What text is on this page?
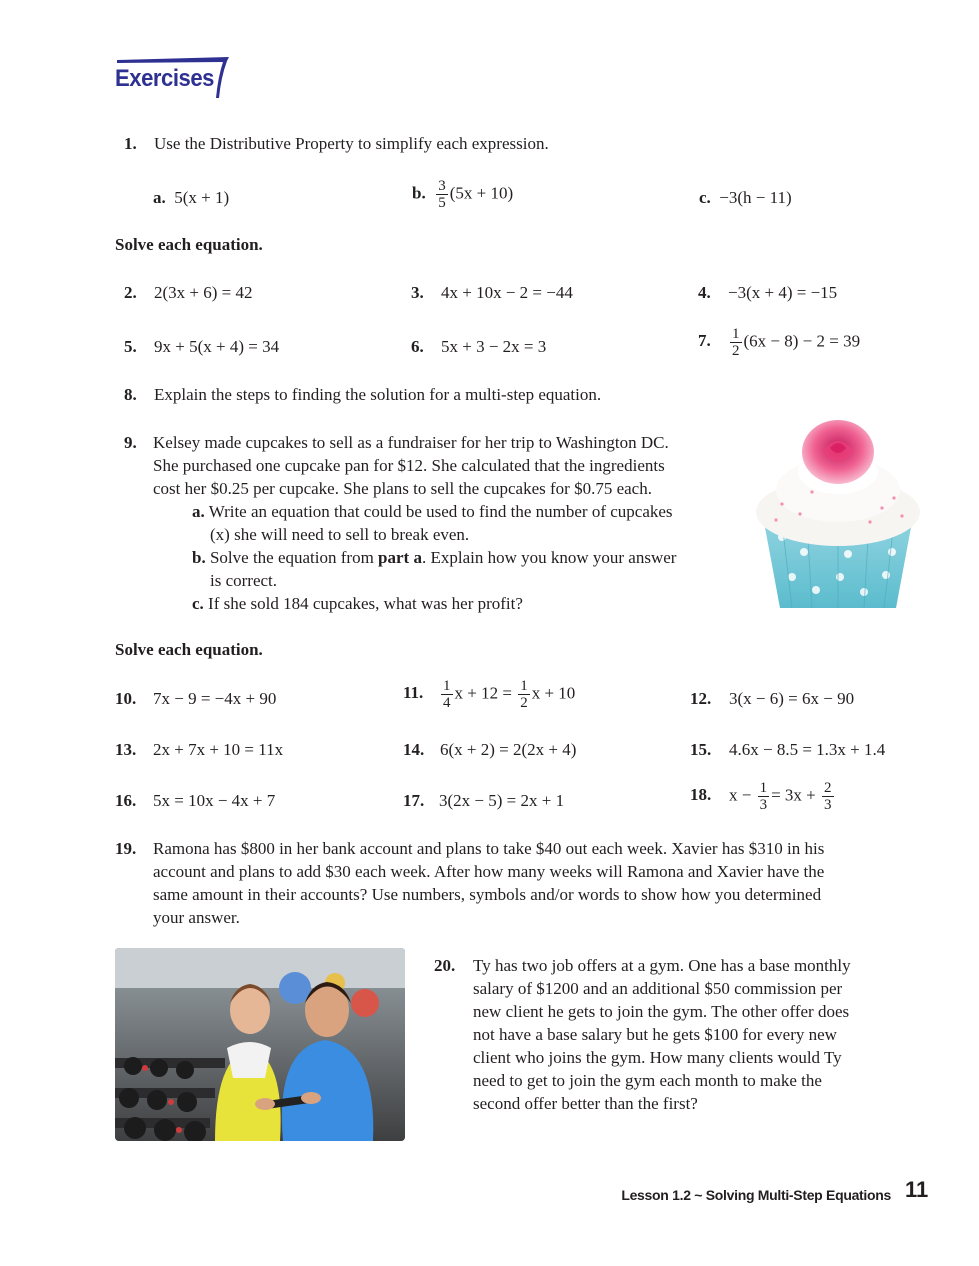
Exercises
1. Use the Distributive Property to simplify each expression.
a. 5(x + 1)	b. $\frac{3}{5} (5x + 10)$	c. −3(h − 11)
Solve each equation.
2. 2(3x + 6) = 42	3. 4x + 10x − 2 = −44	4. −3(x + 4) = −15
5. 9x + 5(x + 4) = 34	6. 5x + 3 − 2x = 3	7. $\frac{1}{2} (6x - 8) - 2 = 39$
8. Explain the steps to finding the solution for a multi-step equation.
9. Kelsey made cupcakes to sell as a fundraiser for her trip to Washington DC.
She purchased one cupcake pan for $12. She calculated that the ingredients
cost her $0.25 per cupcake. She plans to sell the cupcakes for $0.75 each.
a. Write an equation that could be used to find the number of cupcakes
(x) she will need to sell to break even.
b. Solve the equation from part a. Explain how you know your answer
is correct.
c. If she sold 184 cupcakes, what was her profit?
Solve each equation.
10. 7x − 9 = −4x + 90	11. $\frac{1}{4}$ $x + 12 = \frac{1}{2}$ x + 10	12. 3(x − 6) = 6x − 90
13. 2x + 7x + 10 = 11x	14. 6(x + 2) = 2(2x + 4)	15. 4.6x − 8.5 = 1.3x + 1.4
16. 5x = 10x − 4x + 7	17. 3(2x − 5) = 2x + 1	18. $x - \frac{1}{3} = 3x + \frac{2}{3}$
19. Ramona has $800 in her bank account and plans to take $40 out each week. Xavier has $310 in his
account and plans to add $30 each week. After how many weeks will Ramona and Xavier have the
same amount in their accounts? Use numbers, symbols and/or words to show how you determined
your answer.
20. Ty has two job offers at a gym. One has a base monthly
salary of $1200 and an additional $50 commission per
new client he gets to join the gym. The other offer does
not have a base salary but he gets $100 for every new
client who joins the gym. How many clients would Ty
need to get to join the gym each month to make the
second offer better than the first?
Lesson 1.2 ~ Solving Multi-Step Equations 11
